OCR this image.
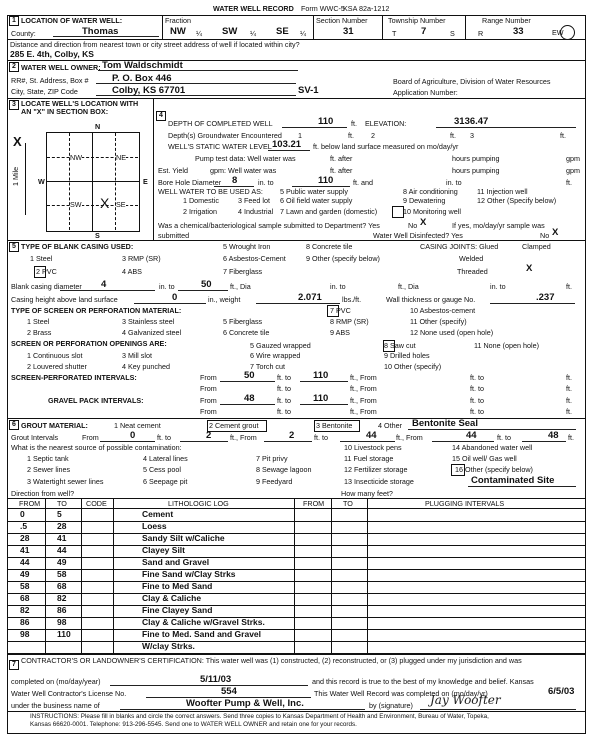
WATER WELL RECORD Form WWC-5
KSA 82a-1212
1 LOCATION OF WATER WELL:
County:	Thomas
Fraction
NW ¼ SW ¼ SE ¼
Section Number
31
Township Number
T	7	S
Range Number
R	33	EW
Distance and direction from nearest town or city street address of well if located within city?
285 E. 4th, Colby, KS
2 WATER WELL OWNER: Tom Waldschmidt
RR#, St. Address, Box # P. O. Box 446
City, State, ZIP Code	Colby, KS 67701	SV-1
Board of Agriculture, Division of Water Resources
Application Number:
3 LOCATE WELL'S LOCATION WITH AN "X" IN SECTION BOX:
N
S
W	E
X
1 Mile
NW	NE
SW	SE
X
4
DEPTH OF COMPLETED WELL	110 ft. ELEVATION:	3136.47
Depth(s) Groundwater Encountered 1	2	3
ft.	ft.	ft.
WELL'S STATIC WATER LEVEL 103.21 ft. below land surface measured on mo/day/yr
Pump test data: Well water was	ft. after	hours pumping	gpm
Est. Yield	gpm: Well water was	ft. after	hours pumping	gpm
Bore Hole Diameter 8	in. to	110	ft. and	in. to	ft.
WELL WATER TO BE USED AS:
1 Domestic
2 Irrigation
3 Feed lot
4 Industrial
5 Public water supply
6 Oil field water supply
7 Lawn and garden (domestic)
8 Air conditioning
9 Dewatering
10 Monitoring well
11 Injection well
12 Other (Specify below)
Was a chemical/bacteriological sample submitted to Department? Yes	No X	If yes, mo/day/yr sample was
submitted	Water Well Disinfected? Yes	No X
5 TYPE OF BLANK CASING USED:
1 Steel
2 PVC
3 RMP (SR)
4 ABS
5 Wrought Iron
6 Asbestos-Cement
7 Fiberglass
8 Concrete tile
9 Other (specify below)
CASING JOINTS: Glued	Clamped
Welded
Threaded	X
Blank casing diameter 4	in. to	50	ft., Dia	in. to	ft., Dia	in. to	ft.
Casing height above land surface	0	in., weight	2.071	lbs./ft.	Wall thickness or gauge No.	.237
TYPE OF SCREEN OR PERFORATION MATERIAL:
1 Steel
2 Brass
3 Stainless steel
4 Galvanized steel
5 Fiberglass
6 Concrete tile
7 PVC
8 RMP (SR)
9 ABS
10 Asbestos-cement
11 Other (specify)
12 None used (open hole)
SCREEN OR PERFORATION OPENINGS ARE:
1 Continuous slot
2 Louvered shutter
3 Mill slot
4 Key punched
5 Gauzed wrapped
6 Wire wrapped
7 Torch cut
8 Saw cut
9 Drilled holes
10 Other (specify)
11 None (open hole)
SCREEN-PERFORATED INTERVALS:	From	50	ft. to 110	ft., From	ft. to	ft.
From	ft. to	ft., From	ft. to	ft.
GRAVEL PACK INTERVALS:	From	48	ft. to 110	ft., From	ft. to	ft.
From	ft. to	ft., From	ft. to	ft.
6 GROUT MATERIAL:	1 Neat cement	2 Cement grout	3 Bentonite	4 Other Bentonite Seal
Grout Intervals	From	0	ft. to	2	ft., From	2	ft. to	44	ft., From	44	ft. to	48 ft.
What is the nearest source of possible contamination:
1 Septic tank
2 Sewer lines
3 Watertight sewer lines
4 Lateral lines
5 Cess pool
6 Seepage pit
7 Pit privy
8 Sewage lagoon
9 Feedyard
10 Livestock pens
11 Fuel storage
12 Fertilizer storage
13 Insecticide storage
14 Abandoned water well
15 Oil well/ Gas well
16 Other (specify below)
Contaminated Site
Direction from well?	How many feet?
FROM TO	CODE	LITHOLOGIC LOG	FROM	TO	PLUGGING INTERVALS
0	5	Cement
.5	28	Loess
28	41	Sandy Silt w/Caliche
41	44	Clayey Silt
44	49	Sand and Gravel
49	58	Fine Sand w/Clay Strks
58	68	Fine to Med Sand
68	82	Clay & Caliche
82	86	Fine Clayey Sand
86	98	Clay & Caliche w/Gravel Strks.
98	110	Fine to Med. Sand and Gravel
W/clay Strks.
7 CONTRACTOR'S OR LANDOWNER'S CERTIFICATION: This water well was (1) constructed, (2) reconstructed, or (3) plugged under my jurisdiction and was
completed on (mo/day/year)	5/11/03	and this record is true to the best of my knowledge and belief. Kansas
Water Well Contractor's License No.	554	This Water Well Record was completed on (mo/day/yr)	6/5/03
under the business name of	Woofter Pump & Well, Inc.	by (signature) Jay Woofter
INSTRUCTIONS: Please fill in blanks and circle the correct answers. Send three copies to Kansas Department of Health and Environment, Bureau of Water, Topeka,
Kansas 66620-0001. Telephone: 913-296-5545. Send one to WATER WELL OWNER and retain one for your records.
